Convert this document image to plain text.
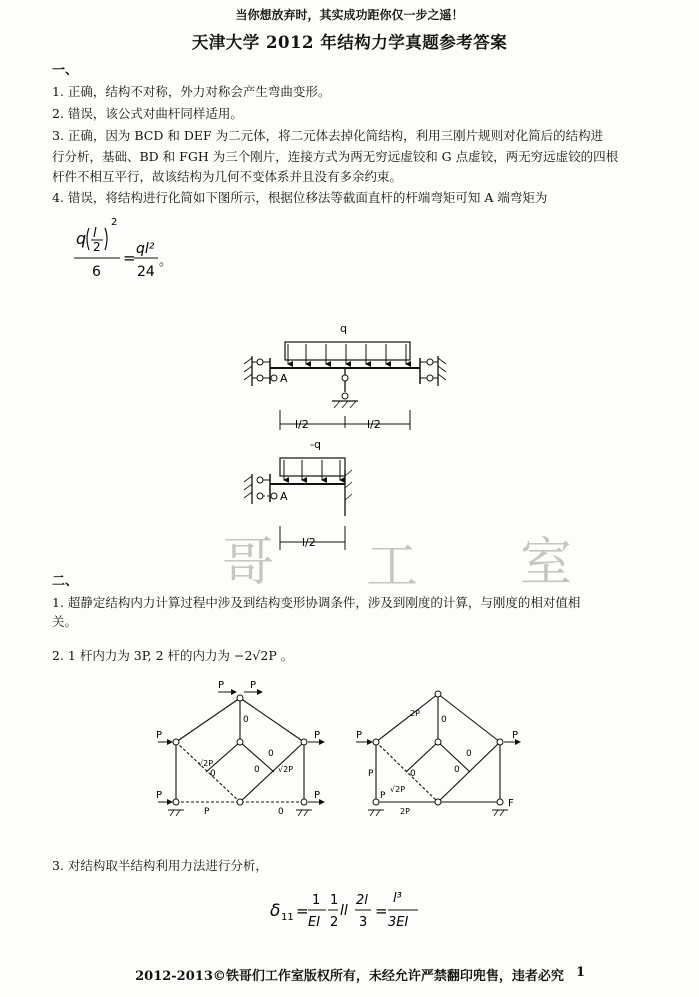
当你想放弃时，其实成功距你仅一步之遥！
天津大学 2012 年结构力学真题参考答案
一、
1. 正确，结构不对称，外力对称会产生弯曲变形。
2. 错误，该公式对曲杆同样适用。
3. 正确，因为 BCD 和 DEF 为二元体，将二元体去掉化简结构，利用三刚片规则对化简后的结构进
行分析，基础、BD 和 FGH 为三个刚片，连接方式为两无穷远虚铰和 G 点虚铰，两无穷远虚铰的四根
杆件不相互平行，故该结构为几何不变体系并且没有多余约束。
4. 错误，将结构进行化简如下图所示，根据位移法等截面直杆的杆端弯矩可知 A 端弯矩为
q l
2
2
6
= ql²
24
。
q
A
l/2	l/2
-q
A
l/2
哥 工 室
二、
1. 超静定结构内力计算过程中涉及到结构变形协调条件，涉及到刚度的计算，与刚度的相对值相
关。
2. 1 杆内力为 3P, 2 杆的内力为 −2√2P 。
P	P
P	P
P
P
P
0
0	0
0
0
√2P
√2P
P	P
P
F
0
0	0
0
P
2P
2P
√2P
3. 对结构取半结构利用力法进行分析，
δ 11 =
1
EI
1
2
ll
2l
3
=
l³
3EI
2012-2013©铁哥们工作室版权所有，未经允许严禁翻印兜售，违者必究 1
